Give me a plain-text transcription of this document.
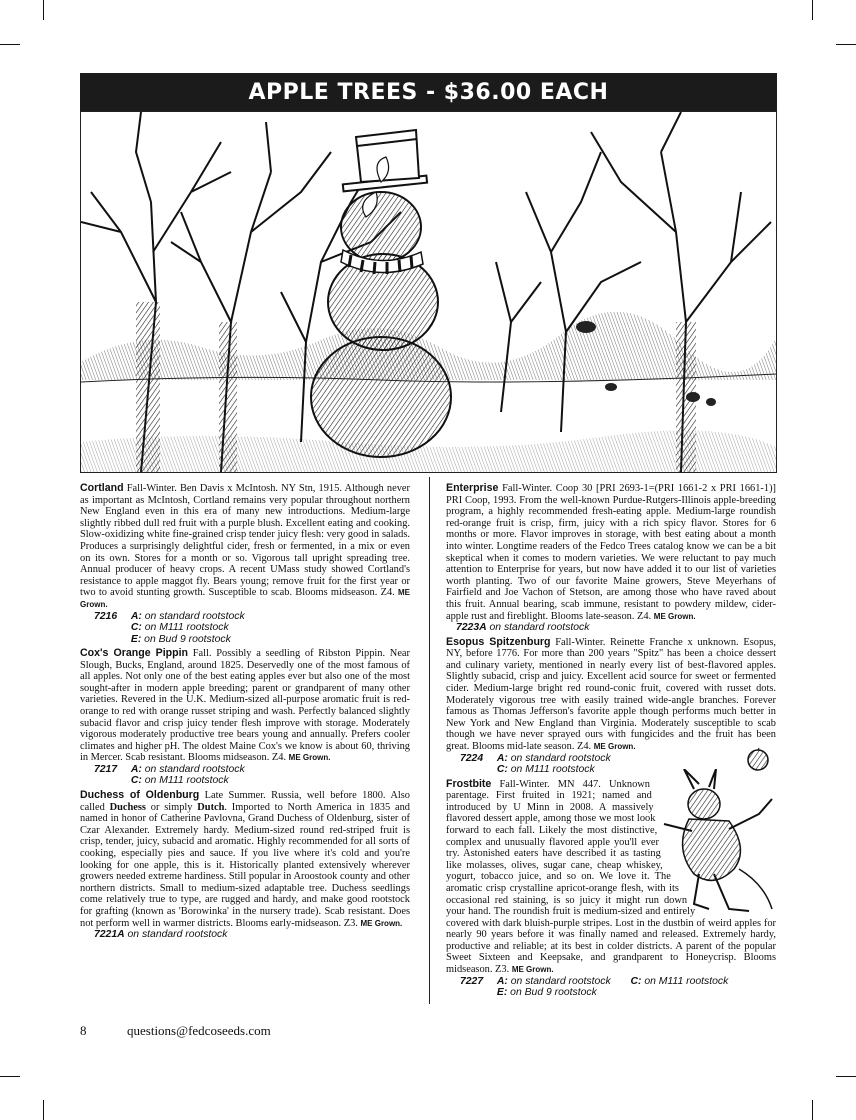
APPLE TREES - $36.00 EACH
Cortland Fall-Winter. Ben Davis x McIntosh. NY Stn, 1915. Although never as important as McIntosh, Cortland remains very popular throughout northern New England even in this era of many new introductions. Medium-large slightly ribbed dull red fruit with a purple blush. Excellent eating and cooking. Slow-oxidizing white fine-grained crisp tender juicy flesh: very good in salads. Produces a surprisingly delightful cider, fresh or fermented, in a mix or even on its own. Stores for a month or so. Vigorous tall upright spreading tree. Annual producer of heavy crops. A recent UMass study showed Cortland's resistance to apple maggot fly. Bears young; remove fruit for the first year or two to avoid stunting growth. Susceptible to scab. Blooms midseason. Z4. ME Grown.
7216 A: on standard rootstock
C: on M111 rootstock
E: on Bud 9 rootstock
Cox's Orange Pippin Fall. Possibly a seedling of Ribston Pippin. Near Slough, Bucks, England, around 1825. Deservedly one of the most famous of all apples. Not only one of the best eating apples ever but also one of the most sought-after in modern apple breeding; parent or grandparent of many other varieties. Revered in the U.K. Medium-sized all-purpose aromatic fruit is red-orange to red with orange russet striping and wash. Perfectly balanced slightly subacid flavor and crisp juicy tender flesh improve with storage. Moderately vigorous moderately productive tree bears young and annually. Prefers cooler climates and higher pH. The oldest Maine Cox's we know is about 60, thriving in Mercer. Scab resistant. Blooms midseason. Z4. ME Grown.
7217 A: on standard rootstock
C: on M111 rootstock
Duchess of Oldenburg Late Summer. Russia, well before 1800. Also called Duchess or simply Dutch. Imported to North America in 1835 and named in honor of Catherine Pavlovna, Grand Duchess of Oldenburg, sister of Czar Alexander. Extremely hardy. Medium-sized round red-striped fruit is crisp, tender, juicy, subacid and aromatic. Highly recommended for all sorts of cooking, especially pies and sauce. If you live where it's cold and you're looking for one apple, this is it. Historically planted extensively wherever growers needed extreme hardiness. Still popular in Aroostook county and other northern districts. Small to medium-sized adaptable tree. Duchess seedlings come relatively true to type, are rugged and hardy, and make good rootstock for grafting (known as 'Borowinka' in the nursery trade). Scab resistant. Does not perform well in warmer districts. Blooms early-midseason. Z3. ME Grown.
7221A on standard rootstock
Enterprise Fall-Winter. Coop 30 [PRI 2693-1=(PRI 1661-2 x PRI 1661-1)] PRI Coop, 1993. From the well-known Purdue-Rutgers-Illinois apple-breeding program, a highly recommended fresh-eating apple. Medium-large roundish red-orange fruit is crisp, firm, juicy with a rich spicy flavor. Stores for 6 months or more. Flavor improves in storage, with best eating about a month into winter. Longtime readers of the Fedco Trees catalog know we can be a bit skeptical when it comes to modern varieties. We were reluctant to pay much attention to Enterprise for years, but now have added it to our list of varieties worth planting. Two of our favorite Maine growers, Steve Meyerhans of Fairfield and Joe Vachon of Stetson, are among those who have raved about this fruit. Annual bearing, scab immune, resistant to powdery mildew, cider-apple rust and fireblight. Blooms late-season. Z4. ME Grown.
7223A on standard rootstock
Esopus Spitzenburg Fall-Winter. Reinette Franche x unknown. Esopus, NY, before 1776. For more than 200 years "Spitz" has been a choice dessert and culinary variety, mentioned in nearly every list of best-flavored apples. Slightly subacid, crisp and juicy. Excellent acid source for sweet or fermented cider. Medium-large bright red round-conic fruit, covered with russet dots. Moderately vigorous tree with easily trained wide-angle branches. Forever famous as Thomas Jefferson's favorite apple though performs much better in New York and New England than Virginia. Moderately susceptible to scab though we have never sprayed ours with fungicides and the fruit has been great. Blooms mid-late season. Z4. ME Grown.
7224 A: on standard rootstock
C: on M111 rootstock
Frostbite Fall-Winter. MN 447. Unknown parentage. First fruited in 1921; named and introduced by U Minn in 2008. A massively flavored dessert apple, among those we most look forward to each fall. Likely the most distinctive, complex and unusually flavored apple you'll ever try. Astonished eaters have described it as tasting like molasses, olives, sugar cane, cheap whiskey, yogurt, tobacco juice, and so on. We love it. The aromatic crisp crystalline apricot-orange flesh, with its occasional red staining, is so juicy it might run down your hand. The roundish fruit is medium-sized and entirely covered with dark bluish-purple stripes. Lost in the dustbin of weird apples for nearly 90 years before it was finally named and released. Extremely hardy, productive and reliable; at its best in colder districts. A parent of the popular Sweet Sixteen and Keepsake, and grandparent to Honeycrisp. Blooms midseason. Z3. ME Grown.
7227 A: on standard rootstock C: on M111 rootstock
E: on Bud 9 rootstock
8	questions@fedcoseeds.com
